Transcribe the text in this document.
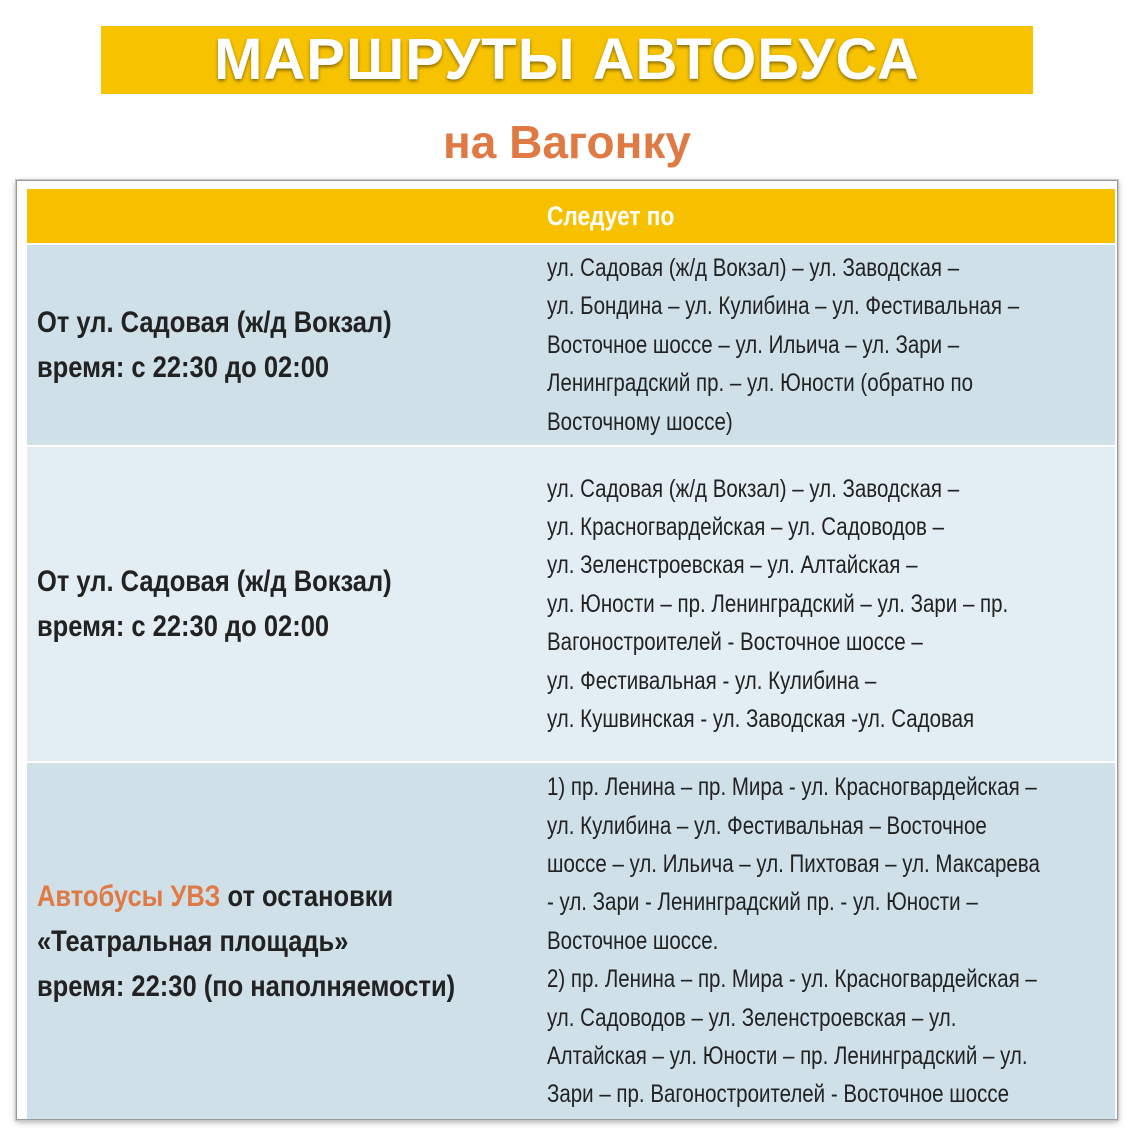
МАРШРУТЫ АВТОБУСА
на Вагонку
Следует по
От ул. Садовая (ж/д Вокзал)
время: с 22:30 до 02:00
ул. Садовая (ж/д Вокзал) – ул. Заводская –
ул. Бондина – ул. Кулибина – ул. Фестивальная –
Восточное шоссе – ул. Ильича – ул. Зари –
Ленинградский пр. – ул. Юности (обратно по
Восточному шоссе)
От ул. Садовая (ж/д Вокзал)
время: с 22:30 до 02:00
ул. Садовая (ж/д Вокзал) – ул. Заводская –
ул. Красногвардейская – ул. Садоводов –
ул. Зеленстроевская – ул. Алтайская –
ул. Юности – пр. Ленинградский – ул. Зари – пр.
Вагоностроителей - Восточное шоссе –
ул. Фестивальная - ул. Кулибина –
ул. Кушвинская - ул. Заводская -ул. Садовая
Автобусы УВЗ от остановки
«Театральная площадь»
время: 22:30 (по наполняемости)
1) пр. Ленина – пр. Мира - ул. Красногвардейская –
ул. Кулибина – ул. Фестивальная – Восточное
шоссе – ул. Ильича – ул. Пихтовая – ул. Максарева
- ул. Зари - Ленинградский пр. - ул. Юности –
Восточное шоссе.
2) пр. Ленина – пр. Мира - ул. Красногвардейская –
ул. Садоводов – ул. Зеленстроевская – ул.
Алтайская – ул. Юности – пр. Ленинградский – ул.
Зари – пр. Вагоностроителей - Восточное шоссе
